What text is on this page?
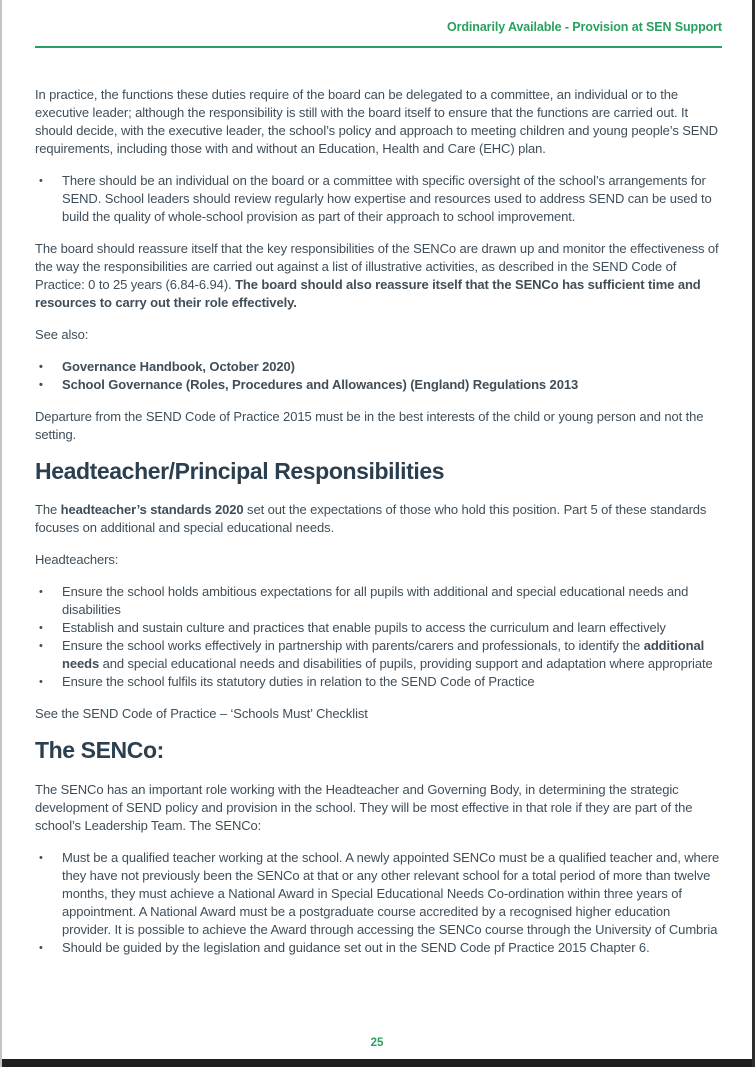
Ordinarily Available - Provision at SEN Support

In practice, the functions these duties require of the board can be delegated to a committee, an individual or to the executive leader; although the responsibility is still with the board itself to ensure that the functions are carried out. It should decide, with the executive leader, the school’s policy and approach to meeting children and young people’s SEND requirements, including those with and without an Education, Health and Care (EHC) plan.

• There should be an individual on the board or a committee with specific oversight of the school’s arrangements for SEND. School leaders should review regularly how expertise and resources used to address SEND can be used to build the quality of whole-school provision as part of their approach to school improvement.

The board should reassure itself that the key responsibilities of the SENCo are drawn up and monitor the effectiveness of the way the responsibilities are carried out against a list of illustrative activities, as described in the SEND Code of Practice: 0 to 25 years (6.84-6.94). The board should also reassure itself that the SENCo has sufficient time and resources to carry out their role effectively.

See also:

• Governance Handbook, October 2020)
• School Governance (Roles, Procedures and Allowances) (England) Regulations 2013

Departure from the SEND Code of Practice 2015 must be in the best interests of the child or young person and not the setting.

Headteacher/Principal Responsibilities

The headteacher’s standards 2020 set out the expectations of those who hold this position. Part 5 of these standards focuses on additional and special educational needs.

Headteachers:

• Ensure the school holds ambitious expectations for all pupils with additional and special educational needs and disabilities
• Establish and sustain culture and practices that enable pupils to access the curriculum and learn effectively
• Ensure the school works effectively in partnership with parents/carers and professionals, to identify the additional needs and special educational needs and disabilities of pupils, providing support and adaptation where appropriate
• Ensure the school fulfils its statutory duties in relation to the SEND Code of Practice

See the SEND Code of Practice – ‘Schools Must’ Checklist

The SENCo:

The SENCo has an important role working with the Headteacher and Governing Body, in determining the strategic development of SEND policy and provision in the school. They will be most effective in that role if they are part of the school’s Leadership Team. The SENCo:

• Must be a qualified teacher working at the school. A newly appointed SENCo must be a qualified teacher and, where they have not previously been the SENCo at that or any other relevant school for a total period of more than twelve months, they must achieve a National Award in Special Educational Needs Co-ordination within three years of appointment. A National Award must be a postgraduate course accredited by a recognised higher education provider. It is possible to achieve the Award through accessing the SENCo course through the University of Cumbria
• Should be guided by the legislation and guidance set out in the SEND Code pf Practice 2015 Chapter 6.
25
